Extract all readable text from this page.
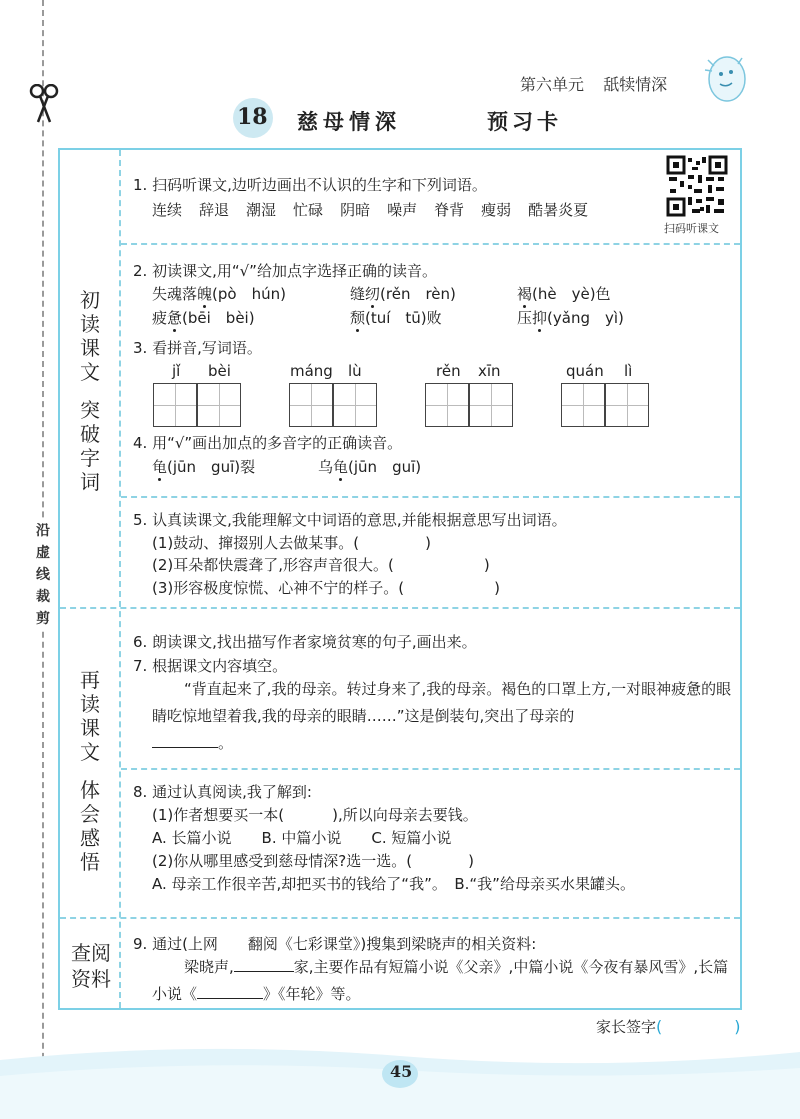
沿虚线裁剪
第六单元 舐犊情深
18 慈母情深	预习卡
初
读
课
文

突
破
字
词
再
读
课
文

体
会
感
悟
查阅
资料
扫码听课文
1. 扫码听课文,边听边画出不认识的生字和下列词语。
连续 辞退 潮湿 忙碌 阴暗 噪声 脊背 瘦弱 酷暑炎夏
2. 初读课文,用“√”给加点字选择正确的读音。
失魂落魄(pò　hún)	缝纫(rěn　rèn)	褐(hè　yè)色
疲惫(bēi　bèi)	颓(tuí　tū)败	压抑(yǎng　yì)
3. 看拼音,写词语。
jǐ bèi	máng lù	rěn xīn	quán lì
4. 用“√”画出加点的多音字的正确读音。
龟(jūn　guī)裂	乌龟(jūn　guī)
5. 认真读课文,我能理解文中词语的意思,并能根据意思写出词语。
(1)鼓动、撺掇别人去做某事。(	)
(2)耳朵都快震聋了,形容声音很大。(	)
(3)形容极度惊慌、心神不宁的样子。(	)
6. 朗读课文,找出描写作者家境贫寒的句子,画出来。
7. 根据课文内容填空。
“背直起来了,我的母亲。转过身来了,我的母亲。褐色的口罩上方,一对眼神疲惫的眼睛吃惊地望着我,我的母亲的眼睛……”这是倒装句,突出了母亲的
。
8. 通过认真阅读,我了解到:
(1)作者想要买一本(	),所以向母亲去要钱。
A. 长篇小说　　B. 中篇小说　　C. 短篇小说
(2)你从哪里感受到慈母情深?选一选。(	)
A. 母亲工作很辛苦,却把买书的钱给了“我”。　B.“我”给母亲买水果罐头。
9. 通过(上网　　翻阅《七彩课堂》)搜集到梁晓声的相关资料:
梁晓声,	家,主要作品有短篇小说《父亲》,中篇小说《今夜有暴风雪》,长篇小说《	》《年轮》等。
家长签字(	)
45
